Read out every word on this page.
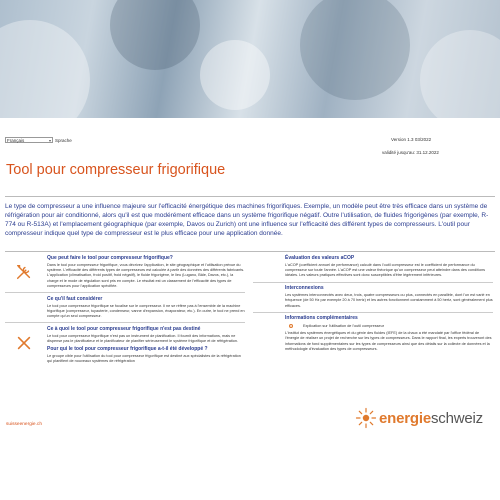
Français	▾ Sprache	Version 1.3 03/2022
validité jusqu'au: 31.12.2022
Tool pour compresseur frigorifique

Le type de compresseur a une influence majeure sur l'efficacité énergétique des machines frigorifiques. Exemple, un modèle peut être très efficace dans un système de réfrigération pour air conditionné, alors qu'il est que modérément efficace dans un système frigorifique négatif. Outre l'utilisation, de fluides frigorigènes (par exemple, R-774 ou R-513A) et l'emplacement géographique (par exemple, Davos ou Zurich) ont une influence sur l'efficacité des différent types de compresseurs. L'outil pour compresseur indique quel type de compresseur est le plus efficace pour une application donnée.

Que peut faire le tool pour compresseur frigorifique?

Dans le tool pour compresseur frigorifique, vous décrivez l'application, le site géographique et l'utilisation prévue du système. L'efficacité des différents types de compresseurs est calculée à partir des données des différents fabricants. L'application (climatisation, froid positif, froid négatif), le fluide frigorigène, le lieu (Lugano, Bâle, Davos, etc.), la charge et le mode de régulation sont pris en compte. Le résultat est un classement de l'efficacité des types de compresseurs pour l'application spécifiée.

Ce qu'il faut considérer

Le tool pour compresseur frigorifique se focalise sur le compresseur. Il ne se réfère pas à l'ensemble de la machine frigorifique (compresseur, tuyauterie, condenseur, vanne d'expansion, évaporateur, etc.). En outre, le tool ne prend en compte qu'un seul compresseur.

Ce à quoi le tool pour compresseur frigorifique n'est pas destiné

Le tool pour compresseur frigorifique n'est pas un instrument de planification. Il fournit des informations, mais ne dispense pas le planificateur et le planificateur de planifier sérieusement le système frigorifique et de réfrigération.

Pour qui le tool pour compresseur frigorifique a-t-il été développé ?

Le groupe cible pour l'utilisation du tool pour compresseur frigorifique est destiné aux spécialistes de la réfrigération qui planifient de nouveaux systèmes de réfrigération

Évaluation des valeurs aCOP

L'aCOP (coefficient annuel de performance) calculé dans l'outil compresseur est le coefficient de performance du compresseur sur toute l'année. L'aCOP est une valeur théorique qu'un compresseur peut atteindre dans des conditions idéales. Les valeurs pratiques effectives sont donc susceptibles d'être légèrement inférieures.

Interconnexions

Les systèmes interconnectés avec deux, trois, quatre compresseurs ou plus, connectés en parallèle, dont l'un est varié en fréquence (de 50 Hz par exemple 20 à 70 hertz) et les autres fonctionnent constamment à 50 hertz, sont généralement plus efficaces.

Informations complémentaires
i	Explication sur l'utilisation de l'outil compresseur

L'institut des systèmes énergétiques et du génie des fluides (IEFE) de la chaux a été mandaté par l'office fédéral de l'énergie de réaliser un projet de recherche sur les types de compresseurs. Dans le rapport final, les experts trouveront des informations de fond supplémentaires sur les types de compresseurs ainsi que des détails sur la collecte de données et la méthodologie d'évaluation des types de compresseurs.

energieschweiz
suisseenergie.ch
